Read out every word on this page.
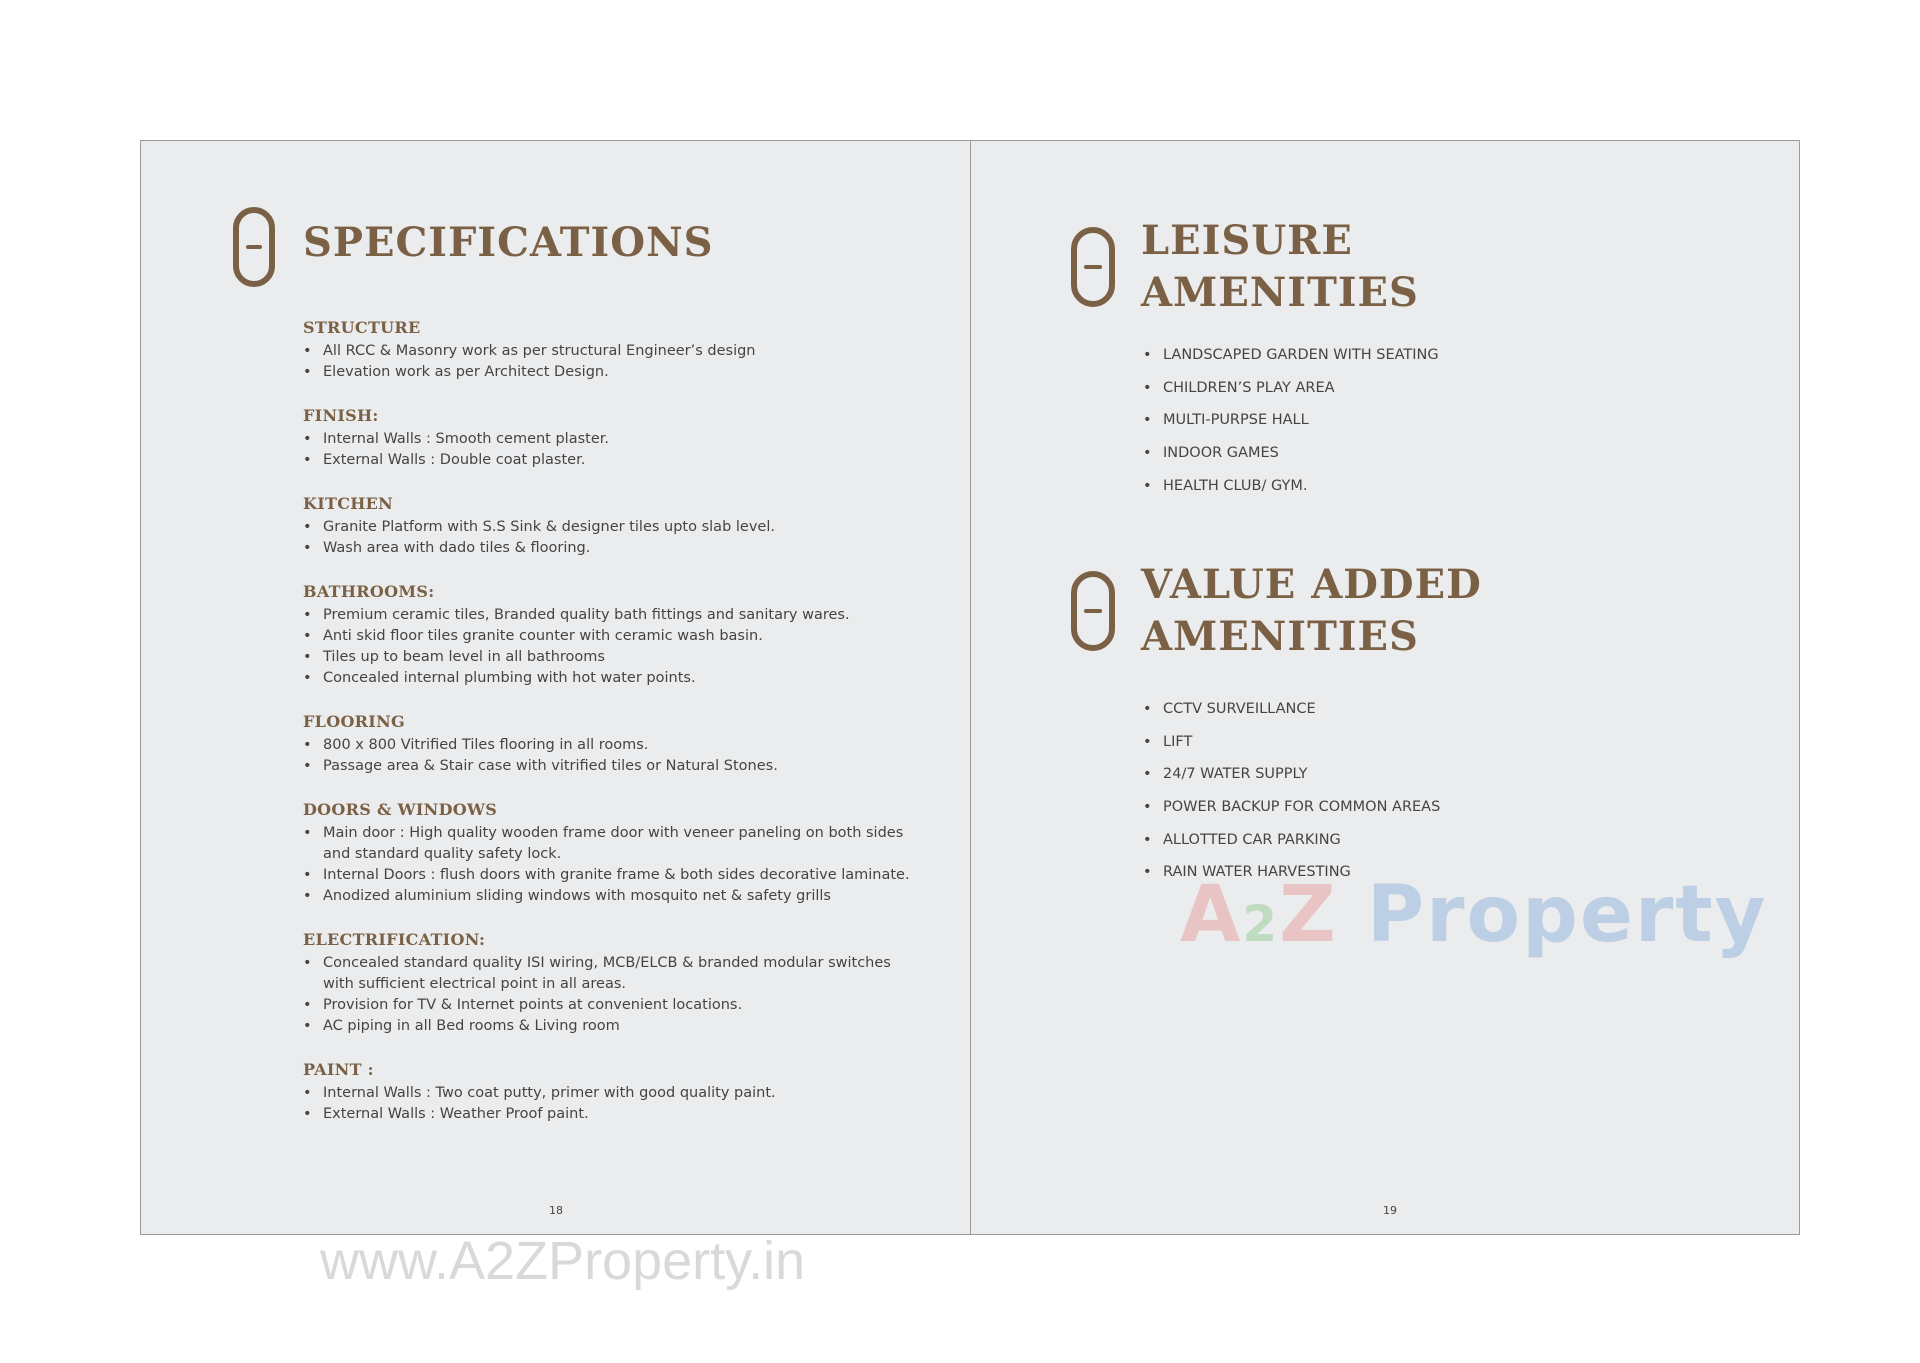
SPECIFICATIONS
STRUCTURE
• All RCC & Masonry work as per structural Engineer’s design
• Elevation work as per Architect Design.
FINISH:
• Internal Walls : Smooth cement plaster.
• External Walls : Double coat plaster.
KITCHEN
• Granite Platform with S.S Sink & designer tiles upto slab level.
• Wash area with dado tiles & flooring.
BATHROOMS:
• Premium ceramic tiles, Branded quality bath fittings and sanitary wares.
• Anti skid floor tiles granite counter with ceramic wash basin.
• Tiles up to beam level in all bathrooms
• Concealed internal plumbing with hot water points.
FLOORING
• 800 x 800 Vitrified Tiles flooring in all rooms.
• Passage area & Stair case with vitrified tiles or Natural Stones.
DOORS & WINDOWS
• Main door : High quality wooden frame door with veneer paneling on both sides and standard quality safety lock.
• Internal Doors : flush doors with granite frame & both sides decorative laminate.
• Anodized aluminium sliding windows with mosquito net & safety grills
ELECTRIFICATION:
• Concealed standard quality ISI wiring, MCB/ELCB & branded modular switches with sufficient electrical point in all areas.
• Provision for TV & Internet points at convenient locations.
• AC piping in all Bed rooms & Living room
PAINT :
• Internal Walls : Two coat putty, primer with good quality paint.
• External Walls : Weather Proof paint.
18
LEISURE
AMENITIES
• LANDSCAPED GARDEN WITH SEATING
• CHILDREN’S PLAY AREA
• MULTI-PURPSE HALL
• INDOOR GAMES
• HEALTH CLUB/ GYM.
VALUE ADDED
AMENITIES
• CCTV SURVEILLANCE
• LIFT
• 24/7 WATER SUPPLY
• POWER BACKUP FOR COMMON AREAS
• ALLOTTED CAR PARKING
• RAIN WATER HARVESTING
19
A2Z Property
www.A2ZProperty.in
